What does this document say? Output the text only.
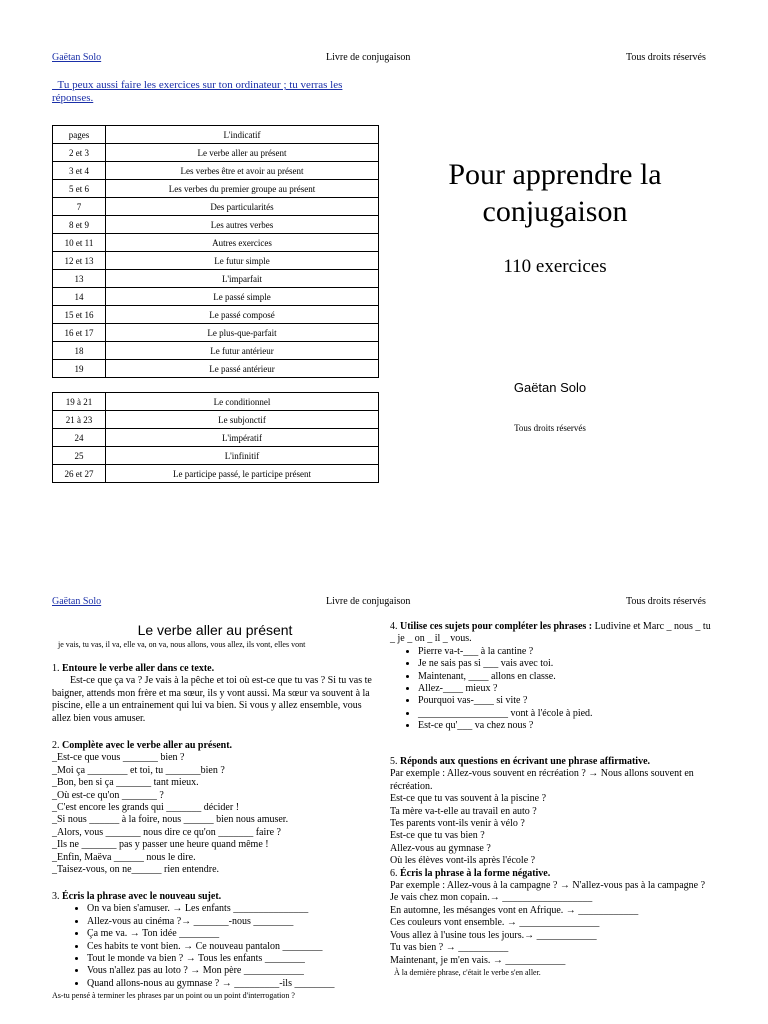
Gaëtan Solo	Livre de conjugaison	Tous droits réservés
Tu peux aussi faire les exercices sur ton ordinateur ; tu verras les réponses.
pages	L'indicatif
2 et 3	Le verbe aller au présent
3 et 4	Les verbes être et avoir au présent
5 et 6	Les verbes du premier groupe au présent
7	Des particularités
8 et 9	Les autres verbes
10 et 11	Autres exercices
12 et 13	Le futur simple
13	L'imparfait
14	Le passé simple
15 et 16	Le passé composé
16 et 17	Le plus-que-parfait
18	Le futur antérieur
19	Le passé antérieur
19 à 21	Le conditionnel
21 à 23	Le subjonctif
24	L'impératif
25	L'infinitif
26 et 27	Le participe passé, le participe présent
Pour apprendre la conjugaison
110 exercices
Gaëtan Solo
Tous droits réservés
Gaëtan Solo	Livre de conjugaison	Tous droits réservés
Le verbe aller au présent
je vais, tu vas, il va, elle va, on va, nous allons, vous allez, ils vont, elles vont
1. Entoure le verbe aller dans ce texte.
Est-ce que ça va ? Je vais à la pêche et toi où est-ce que tu vas ? Si tu vas te baigner, attends mon frère et ma sœur, ils y vont aussi. Ma sœur va souvent à la piscine, elle a un entrainement qui lui va bien. Si vous y allez ensemble, vous allez bien vous amuser.
2. Complète avec le verbe aller au présent.
_Est-ce que vous _______ bien ?
_Moi ça ________ et toi, tu _______bien ?
_Bon, ben si ça _______ tant mieux.
_Où est-ce qu'on _______ ?
_C'est encore les grands qui _______ décider !
_Si nous ______ à la foire, nous ______ bien nous amuser.
_Alors, vous _______ nous dire ce qu'on _______ faire ?
_Ils ne _______ pas y passer une heure quand même !
_Enfin, Maëva ______ nous le dire.
_Taisez-vous, on ne______ rien entendre.
3. Écris la phrase avec le nouveau sujet.
• On va bien s'amuser. → Les enfants _______________
• Allez-vous au cinéma ?→ _______-nous ________
• Ça me va. → Ton idée ________
• Ces habits te vont bien. → Ce nouveau pantalon ________
• Tout le monde va bien ? → Tous les enfants ________
• Vous n'allez pas au loto ? → Mon père ____________
• Quand allons-nous au gymnase ? → _________-ils ________
As-tu pensé à terminer les phrases par un point ou un point d'interrogation ?
4. Utilise ces sujets pour compléter les phrases : Ludivine et Marc _ nous _ tu _ je _ on _ il _ vous.
• Pierre va-t-___ à la cantine ?
• Je ne sais pas si ___ vais avec toi.
• Maintenant, ____ allons en classe.
• Allez-____ mieux ?
• Pourquoi vas-____ si vite ?
• __________________ vont à l'école à pied.
• Est-ce qu'___ va chez nous ?
5. Réponds aux questions en écrivant une phrase affirmative.
Par exemple : Allez-vous souvent en récréation ? → Nous allons souvent en récréation.
Est-ce que tu vas souvent à la piscine ?
Ta mère va-t-elle au travail en auto ?
Tes parents vont-ils venir à vélo ?
Est-ce que tu vas bien ?
Allez-vous au gymnase ?
Où les élèves vont-ils après l'école ?
6. Écris la phrase à la forme négative.
Par exemple : Allez-vous à la campagne ? → N'allez-vous pas à la campagne ?
Je vais chez mon copain.→ __________________
En automne, les mésanges vont en Afrique. → ____________
Ces couleurs vont ensemble. → ________________
Vous allez à l'usine tous les jours.→ ____________
Tu vas bien ? → __________
Maintenant, je m'en vais. → ____________
À la dernière phrase, c'était le verbe s'en aller.
